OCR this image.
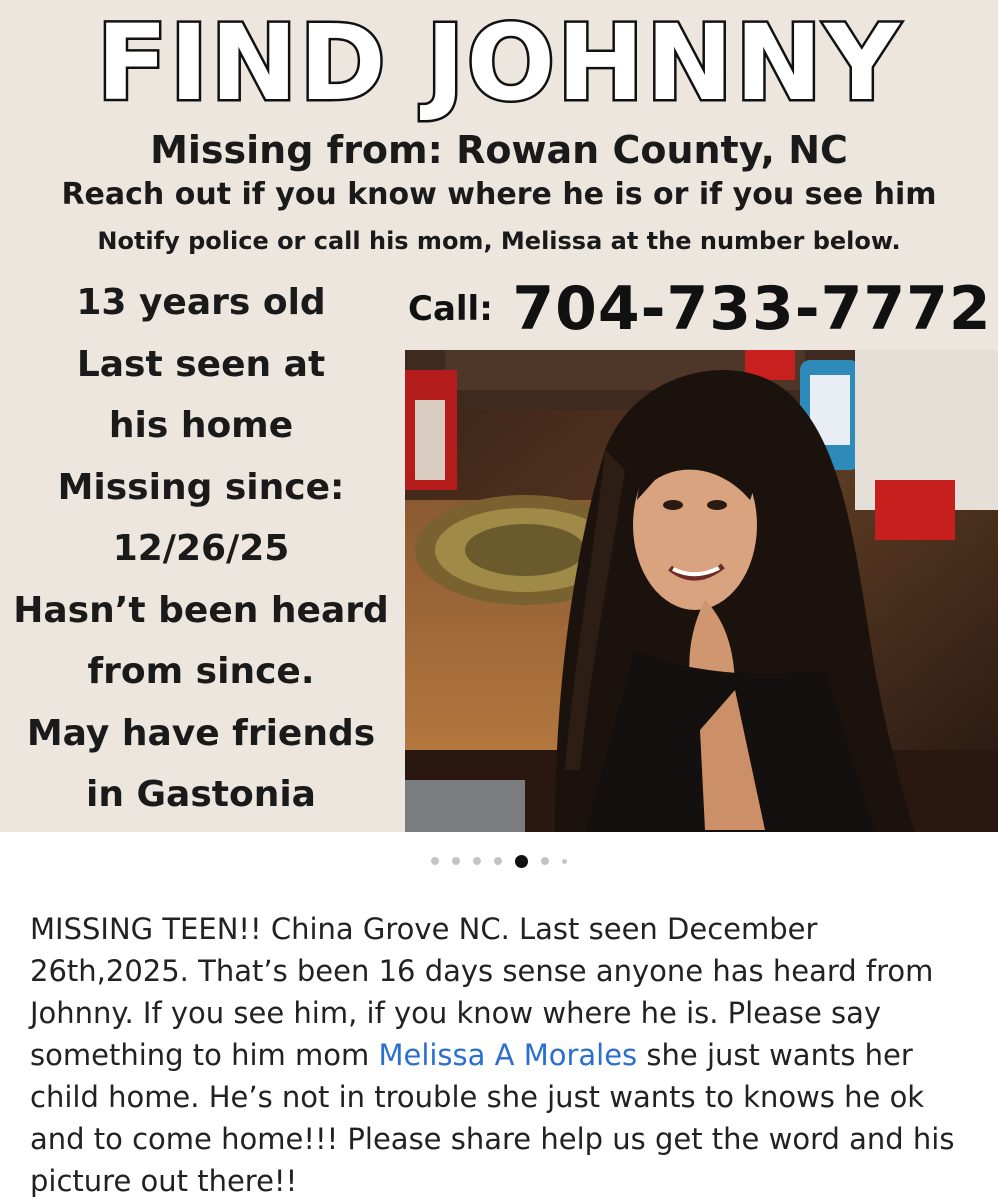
FIND JOHNNY
Missing from: Rowan County, NC
Reach out if you know where he is or if you see him
Notify police or call his mom, Melissa at the number below.
13 years old
Last seen at
his home
Missing since:
12/26/25
Hasn’t been heard
from since.
May have friends
in Gastonia
Call: 704-733-7772
MISSING TEEN!! China Grove NC. Last seen December 26th,2025. That’s been 16 days sense anyone has heard from Johnny. If you see him, if you know where he is. Please say something to him mom Melissa A Morales she just wants her child home. He’s not in trouble she just wants to knows he ok and to come home!!! Please share help us get the word and his picture out there!!
